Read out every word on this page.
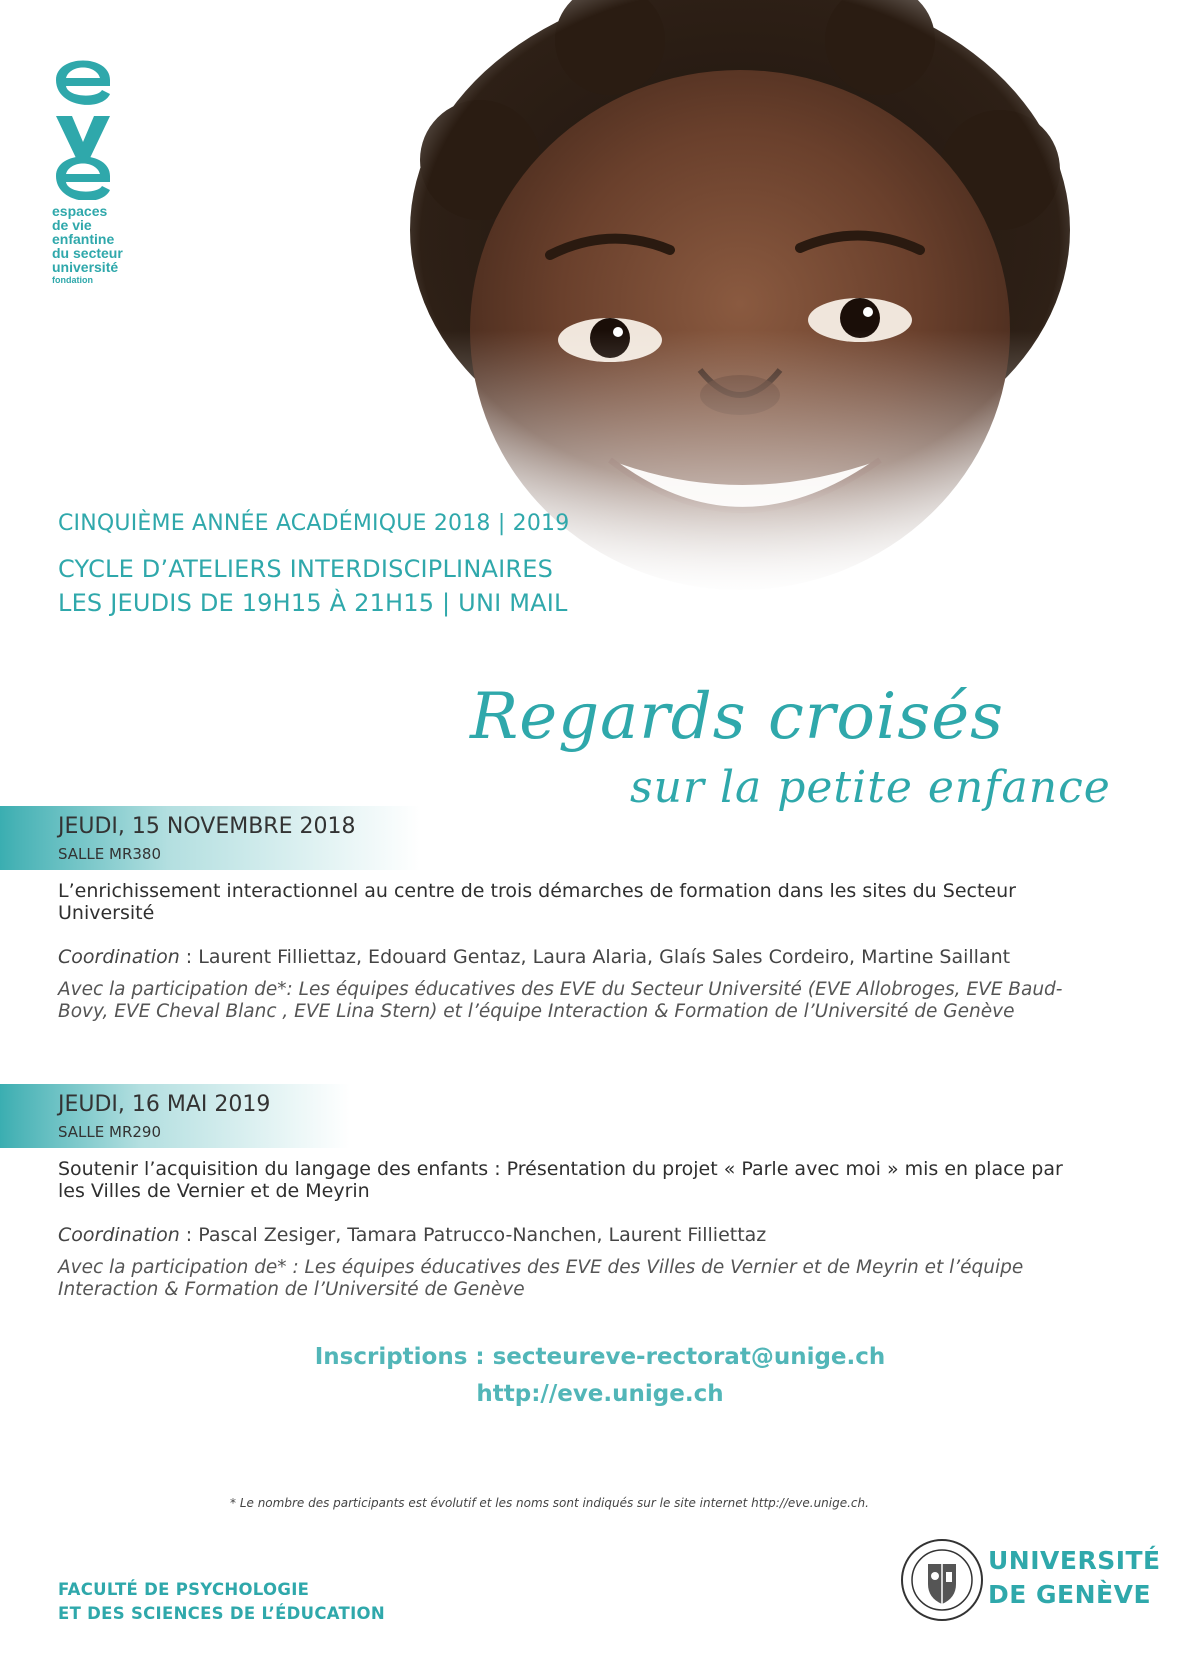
espaces
de vie
enfantine
du secteur
université
fondation
CINQUIÈME ANNÉE ACADÉMIQUE 2018 | 2019
CYCLE D’ATELIERS INTERDISCIPLINAIRES
LES JEUDIS DE 19H15 À 21H15 | UNI MAIL
Regards croisés
sur la petite enfance
JEUDI, 15 NOVEMBRE 2018
SALLE MR380
L’enrichissement interactionnel au centre de trois démarches de formation dans les sites du Secteur Université
Coordination : Laurent Filliettaz, Edouard Gentaz, Laura Alaria, Glaís Sales Cordeiro, Martine Saillant
Avec la participation de*: Les équipes éducatives des EVE du Secteur Université (EVE Allobroges, EVE Baud-Bovy, EVE Cheval Blanc , EVE Lina Stern) et l’équipe Interaction & Formation de l’Université de Genève
JEUDI, 16 MAI 2019
SALLE MR290
Soutenir l’acquisition du langage des enfants : Présentation du projet « Parle avec moi » mis en place par les Villes de Vernier et de Meyrin
Coordination : Pascal Zesiger, Tamara Patrucco-Nanchen, Laurent Filliettaz
Avec la participation de* : Les équipes éducatives des EVE des Villes de Vernier et de Meyrin et l’équipe Interaction & Formation de l’Université de Genève
Inscriptions : secteureve-rectorat@unige.ch
http://eve.unige.ch
* Le nombre des participants est évolutif et les noms sont indiqués sur le site internet http://eve.unige.ch.
FACULTÉ DE PSYCHOLOGIE
ET DES SCIENCES DE L’ÉDUCATION
UNIVERSITÉ
DE GENÈVE
